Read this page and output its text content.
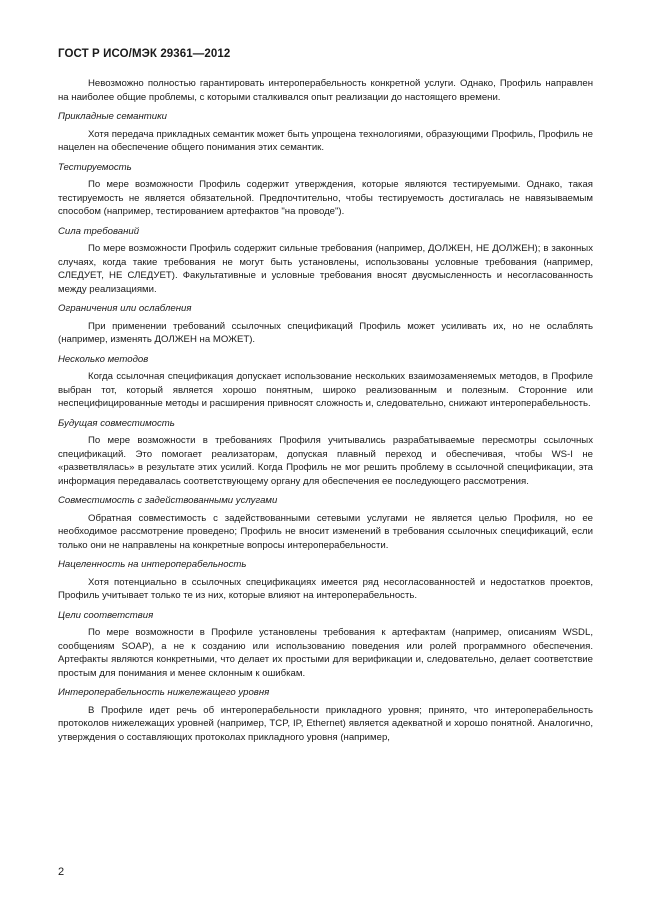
ГОСТ Р ИСО/МЭК 29361—2012

Невозможно полностью гарантировать интероперабельность конкретной услуги. Однако, Профиль направлен на наиболее общие проблемы, с которыми сталкивался опыт реализации до настоящего времени.

Прикладные семантики

Хотя передача прикладных семантик может быть упрощена технологиями, образующими Профиль, Профиль не нацелен на обеспечение общего понимания этих семантик.

Тестируемость

По мере возможности Профиль содержит утверждения, которые являются тестируемыми. Однако, такая тестируемость не является обязательной. Предпочтительно, чтобы тестируемость достигалась не навязываемым способом (например, тестированием артефактов "на проводе").

Сила требований

По мере возможности Профиль содержит сильные требования (например, ДОЛЖЕН, НЕ ДОЛЖЕН); в законных случаях, когда такие требования не могут быть установлены, использованы условные требования (например, СЛЕДУЕТ, НЕ СЛЕДУЕТ). Факультативные и условные требования вносят двусмысленность и несогласованность между реализациями.

Ограничения или ослабления

При применении требований ссылочных спецификаций Профиль может усиливать их, но не ослаблять (например, изменять ДОЛЖЕН на МОЖЕТ).

Несколько методов

Когда ссылочная спецификация допускает использование нескольких взаимозаменяемых методов, в Профиле выбран тот, который является хорошо понятным, широко реализованным и полезным. Сторонние или неспецифицированные методы и расширения привносят сложность и, следовательно, снижают интероперабельность.

Будущая совместимость

По мере возможности в требованиях Профиля учитывались разрабатываемые пересмотры ссылочных спецификаций. Это помогает реализаторам, допуская плавный переход и обеспечивая, чтобы WS-I не «разветвлялась» в результате этих усилий. Когда Профиль не мог решить проблему в ссылочной спецификации, эта информация передавалась соответствующему органу для обеспечения ее последующего рассмотрения.

Совместимость с задействованными услугами

Обратная совместимость с задействованными сетевыми услугами не является целью Профиля, но ее необходимое рассмотрение проведено; Профиль не вносит изменений в требования ссылочных спецификаций, если только они не направлены на конкретные вопросы интероперабельности.

Нацеленность на интероперабельность

Хотя потенциально в ссылочных спецификациях имеется ряд несогласованностей и недостатков проектов, Профиль учитывает только те из них, которые влияют на интероперабельность.

Цели соответствия

По мере возможности в Профиле установлены требования к артефактам (например, описаниям WSDL, сообщениям SOAP), а не к созданию или использованию поведения или ролей программного обеспечения. Артефакты являются конкретными, что делает их простыми для верификации и, следовательно, делает соответствие простым для понимания и менее склонным к ошибкам.

Интероперабельность нижележащего уровня

В Профиле идет речь об интероперабельности прикладного уровня; принято, что интероперабельность протоколов нижележащих уровней (например, TCP, IP, Ethernet) является адекватной и хорошо понятной. Аналогично, утверждения о составляющих протоколах прикладного уровня (например,

2
